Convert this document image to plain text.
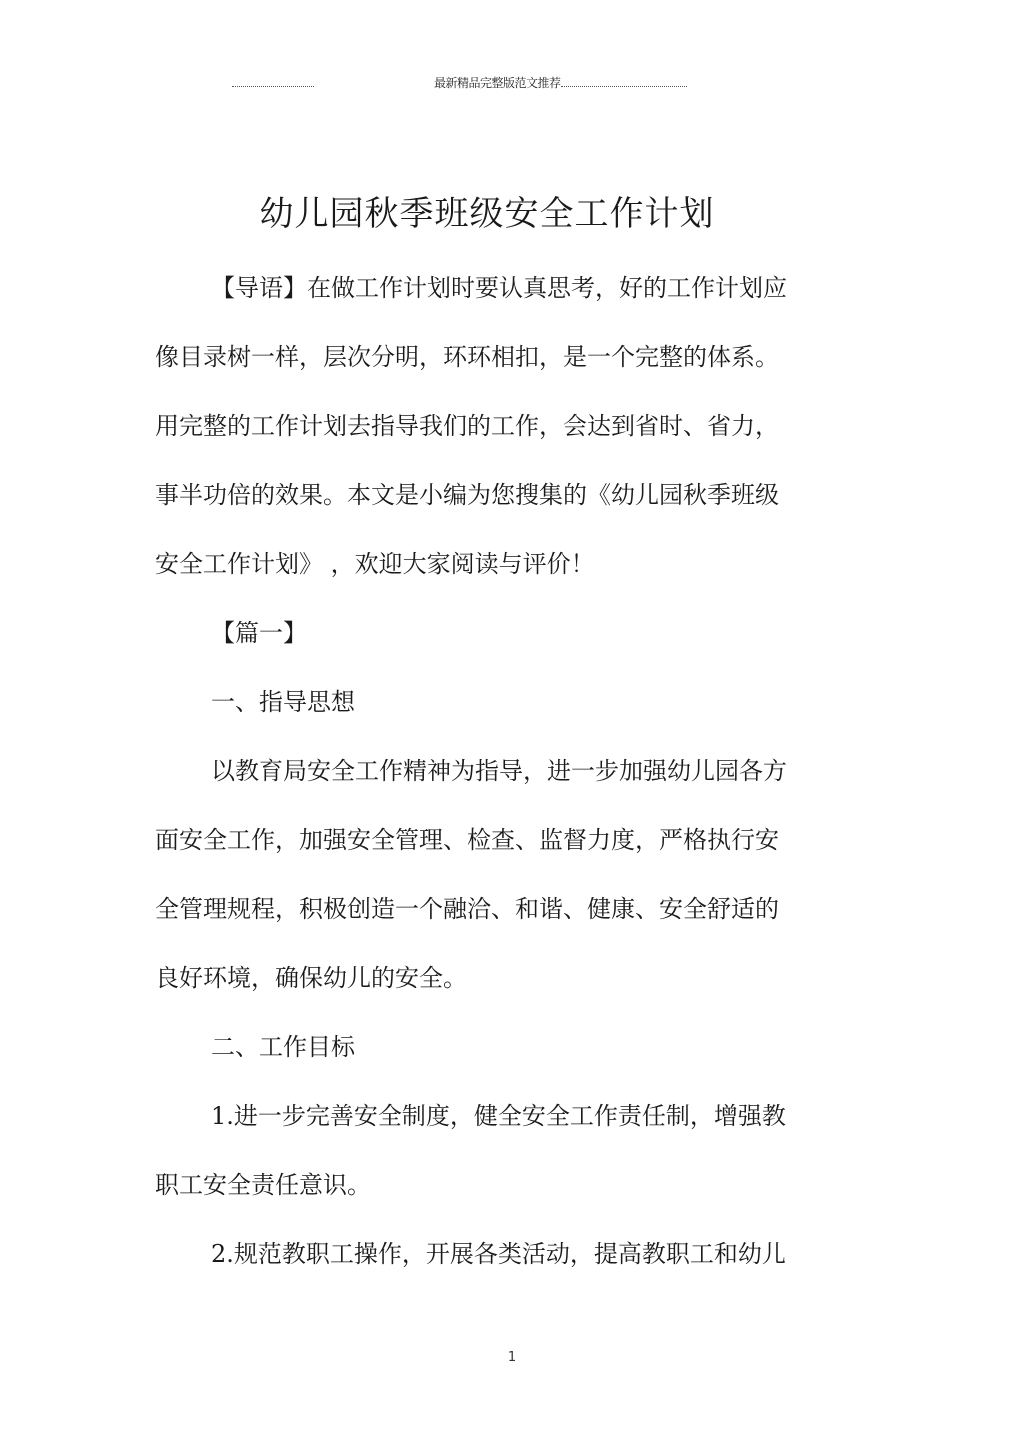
最新精品完整版范文推荐
幼儿园秋季班级安全工作计划
【导语】在做工作计划时要认真思考，好的工作计划应
像目录树一样，层次分明，环环相扣，是一个完整的体系。
用完整的工作计划去指导我们的工作，会达到省时、省力，
事半功倍的效果。本文是小编为您搜集的《幼儿园秋季班级
安全工作计划》 ，欢迎大家阅读与评价！
【篇一】
一、指导思想
以教育局安全工作精神为指导，进一步加强幼儿园各方
面安全工作，加强安全管理、检查、监督力度，严格执行安
全管理规程，积极创造一个融洽、和谐、健康、安全舒适的
良好环境，确保幼儿的安全。
二、工作目标
1.进一步完善安全制度，健全安全工作责任制，增强教
职工安全责任意识。
2.规范教职工操作，开展各类活动，提高教职工和幼儿
1
